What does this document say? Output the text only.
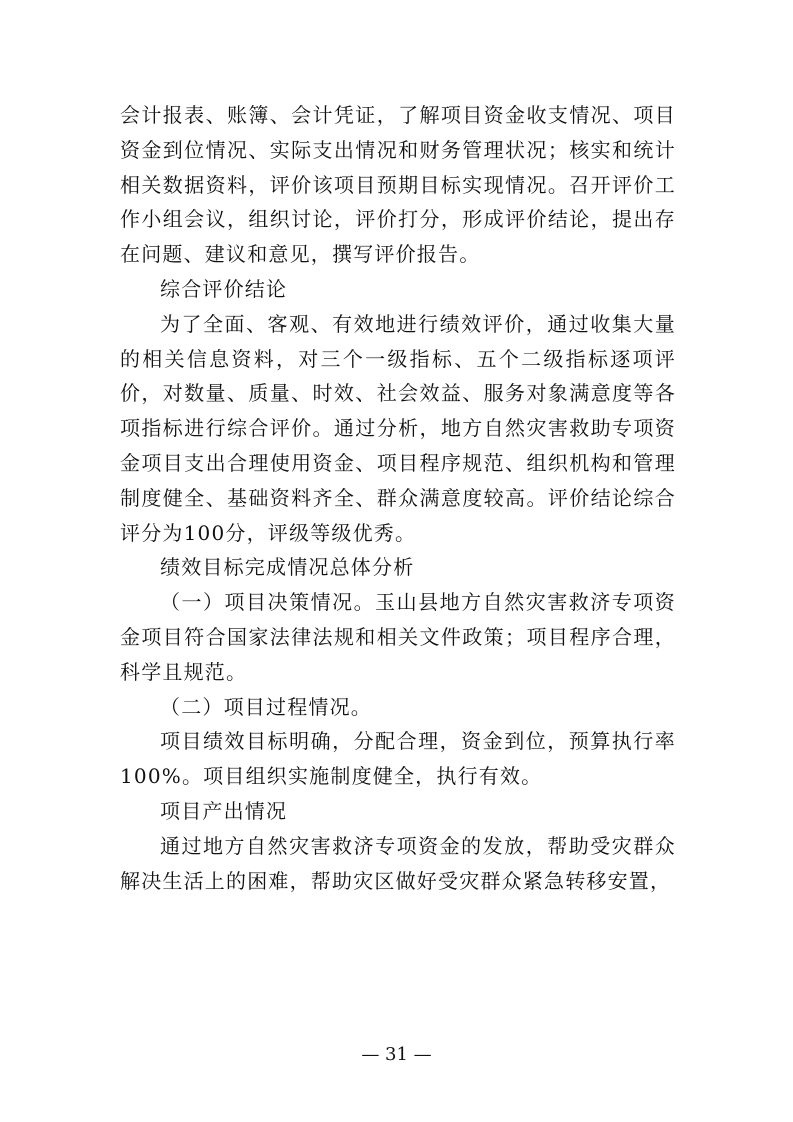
会计报表、账簿、会计凭证，了解项目资金收支情况、项目资金到位情况、实际支出情况和财务管理状况；核实和统计相关数据资料，评价该项目预期目标实现情况。召开评价工作小组会议，组织讨论，评价打分，形成评价结论，提出存在问题、建议和意见，撰写评价报告。

综合评价结论

为了全面、客观、有效地进行绩效评价，通过收集大量的相关信息资料，对三个一级指标、五个二级指标逐项评价，对数量、质量、时效、社会效益、服务对象满意度等各项指标进行综合评价。通过分析，地方自然灾害救助专项资金项目支出合理使用资金、项目程序规范、组织机构和管理制度健全、基础资料齐全、群众满意度较高。评价结论综合评分为100分，评级等级优秀。

绩效目标完成情况总体分析

（一）项目决策情况。玉山县地方自然灾害救济专项资金项目符合国家法律法规和相关文件政策；项目程序合理，科学且规范。

（二）项目过程情况。

项目绩效目标明确，分配合理，资金到位，预算执行率100%。项目组织实施制度健全，执行有效。

项目产出情况

通过地方自然灾害救济专项资金的发放，帮助受灾群众解决生活上的困难，帮助灾区做好受灾群众紧急转移安置，

— 31 —
